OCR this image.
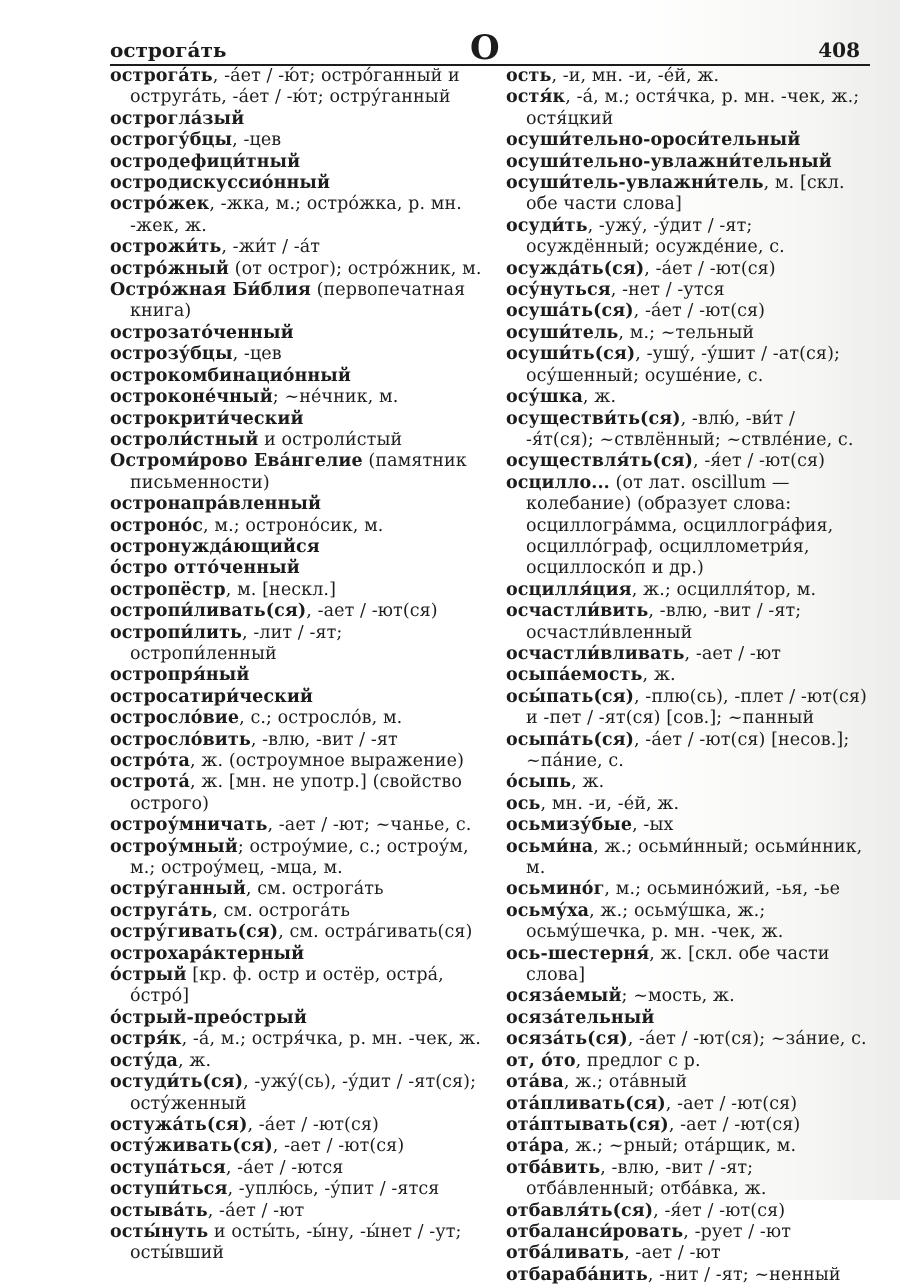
острогáть	О	408
острогáть, -áет / -ю́т; остро́ганный и остругáть, -áет / -ю́т; остру́ганный
остроглáзый
острогу́бцы, -цев
остродефици́тный
остродискуссио́нный
остро́жек, -жка, м.; остро́жка, р. мн. -жек, ж.
острожи́ть, -жи́т / -áт
остро́жный (от острог); остро́жник, м.
Остро́жная Би́блия (первопечатная книга)
острозато́ченный
острозу́бцы, -цев
острокомбинацио́нный
остроконе́чный; ~не́чник, м.
острокрити́ческий
остроли́стный и остроли́стый
Остроми́рово Евáнгелие (памятник письменности)
остронапрáвленный
остроно́с, м.; остроно́сик, м.
остронужда́ющийся
о́стро отто́ченный
остропёстр, м. [нескл.]
остропи́ливать(ся), -ает / -ют(ся)
остропи́лить, -лит / -ят; остропи́ленный
остропря́ный
остросатири́ческий
острослóвие, с.; острослóв, м.
острослóвить, -влю, -вит / -ят
острóта, ж. (остроумное выражение)
остротá, ж. [мн. не употр.] (свойство острого)
остроу́мничать, -ает / -ют; ~чанье, с.
остроу́мный; остроу́мие, с.; остроу́м, м.; остроу́мец, -мца, м.
остру́ганный, см. острогáть
остругáть, см. острогáть
остру́гивать(ся), см. острáгивать(ся)
острохарáктерный
о́стрый [кр. ф. остр и остёр, острá, о́стро́]
о́стрый-преóстрый
остря́к, -á, м.; остря́чка, р. мн. -чек, ж.
осту́да, ж.
остуди́ть(ся), -ужу́(сь), -у́дит / -ят(ся); осту́женный
остужáть(ся), -áет / -ют(ся)
осту́живать(ся), -ает / -ют(ся)
оступáться, -áет / -ются
оступи́ться, -уплю́сь, -у́пит / -ятся
остывáть, -áет / -ют
осты́нуть и осты́ть, -ы́ну, -ы́нет / -ут; осты́вший
ость, -и, мн. -и, -éй, ж.
остя́к, -á, м.; остя́чка, р. мн. -чек, ж.; остя́цкий
осуши́тельно-ороси́тельный
осуши́тельно-увлажни́тельный
осуши́тель-увлажни́тель, м. [скл. обе части слова]
осуди́ть, -ужу́, -у́дит / -ят; осуждённый; осуждéние, с.
осуждáть(ся), -áет / -ют(ся)
осу́нуться, -нет / -утся
осушáть(ся), -áет / -ют(ся)
осуши́тель, м.; ~тельный
осуши́ть(ся), -ушу́, -у́шит / -ат(ся); осу́шенный; осушéние, с.
осу́шка, ж.
осуществи́ть(ся), -влю́, -ви́т / -я́т(ся); ~ствлённый; ~ствлéние, с.
осуществля́ть(ся), -я́ет / -ют(ся)
осцилло... (от лат. oscillum — колебание) (образует слова: осциллогрáмма, осциллогрáфия, осциллóграф, осциллометри́я, осциллоскóп и др.)
осцилля́ция, ж.; осцилля́тор, м.
осчастли́вить, -влю, -вит / -ят; осчастли́вленный
осчастли́вливать, -ает / -ют
осыпáемость, ж.
осы́пать(ся), -плю(сь), -плет / -ют(ся) и -пет / -ят(ся) [сов.]; ~панный
осыпáть(ся), -áет / -ют(ся) [несов.]; ~пáние, с.
о́сыпь, ж.
ось, мн. -и, -éй, ж.
осьмизу́бые, -ых
осьми́на, ж.; осьми́нный; осьми́нник, м.
осьмино́г, м.; осьмино́жий, -ья, -ье
осьму́ха, ж.; осьму́шка, ж.; осьму́шечка, р. мн. -чек, ж.
ось-шестерня́, ж. [скл. обе части слова]
осяза́емый; ~мость, ж.
осяза́тельный
осяза́ть(ся), -áет / -ют(ся); ~зáние, с.
от, о́то, предлог с р.
отáва, ж.; отáвный
отáпливать(ся), -ает / -ют(ся)
отáптывать(ся), -ает / -ют(ся)
отáра, ж.; ~рный; отáрщик, м.
отбáвить, -влю, -вит / -ят; отбáвленный; отбáвка, ж.
отбавля́ть(ся), -я́ет / -ют(ся)
отбаланси́ровать, -рует / -ют
отбáливать, -ает / -ют
отбарабáнить, -нит / -ят; ~ненный
